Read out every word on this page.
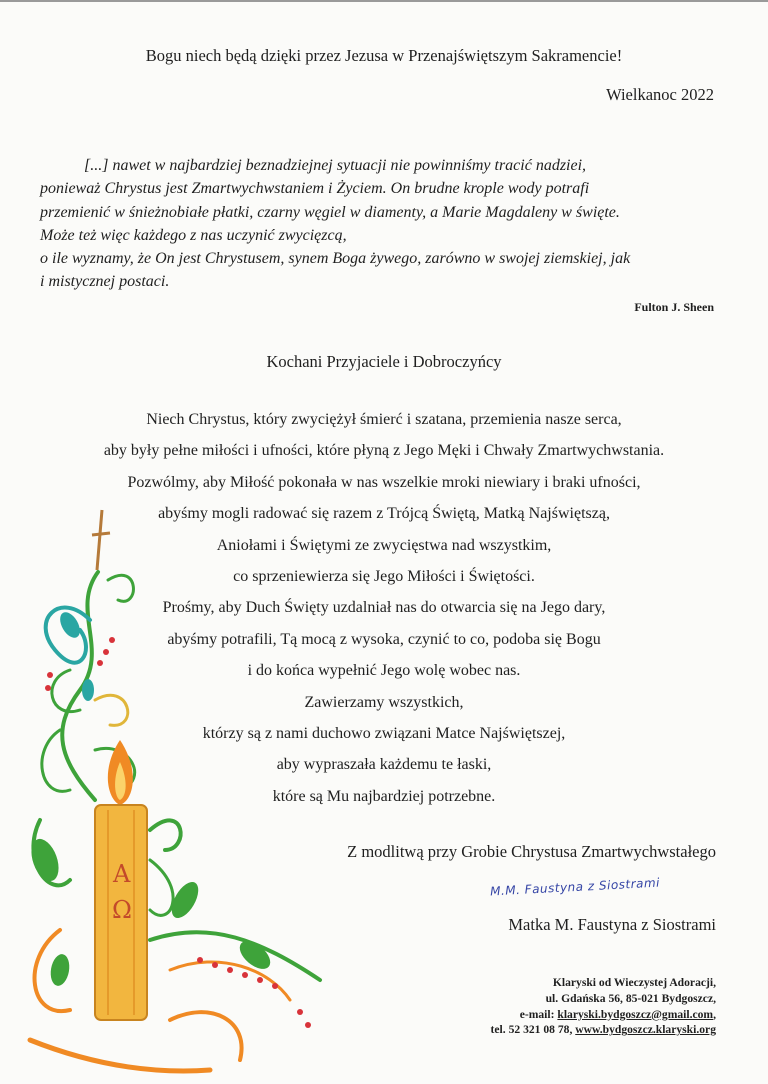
Bogu niech będą dzięki przez Jezusa w Przenajświętszym Sakramencie!

Wielkanoc 2022

[...] nawet w najbardziej beznadziejnej sytuacji nie powinniśmy tracić nadziei,
ponieważ Chrystus jest Zmartwychwstaniem i Życiem. On brudne krople wody potrafi
przemienić w śnieżnobiałe płatki, czarny węgiel w diamenty, a Marie Magdaleny w święte.
Może też więc każdego z nas uczynić zwycięzcą,
o ile wyznamy, że On jest Chrystusem, synem Boga żywego, zarówno w swojej ziemskiej, jak
i mistycznej postaci.

Fulton J. Sheen

Kochani Przyjaciele i Dobroczyńcy

Niech Chrystus, który zwyciężył śmierć i szatana, przemienia nasze serca,
aby były pełne miłości i ufności, które płyną z Jego Męki i Chwały Zmartwychwstania.
Pozwólmy, aby Miłość pokonała w nas wszelkie mroki niewiary i braki ufności,
abyśmy mogli radować się razem z Trójcą Świętą, Matką Najświętszą,
Aniołami i Świętymi ze zwycięstwa nad wszystkim,
co sprzeniewierza się Jego Miłości i Świętości.
Prośmy, aby Duch Święty uzdalniał nas do otwarcia się na Jego dary,
abyśmy potrafili, Tą mocą z wysoka, czynić to co, podoba się Bogu
i do końca wypełnić Jego wolę wobec nas.
Zawierzamy wszystkich,
którzy są z nami duchowo związani Matce Najświętszej,
aby wypraszała każdemu te łaski,
które są Mu najbardziej potrzebne.

Z modlitwą przy Grobie Chrystusa Zmartwychwstałego

M.M. Faustyna z Siostrami

Matka M. Faustyna z Siostrami

Klaryski od Wieczystej Adoracji,
ul. Gdańska 56, 85-021 Bydgoszcz,
e-mail: klaryski.bydgoszcz@gmail.com,
tel. 52 321 08 78, www.bydgoszcz.klaryski.org
A
Ω
